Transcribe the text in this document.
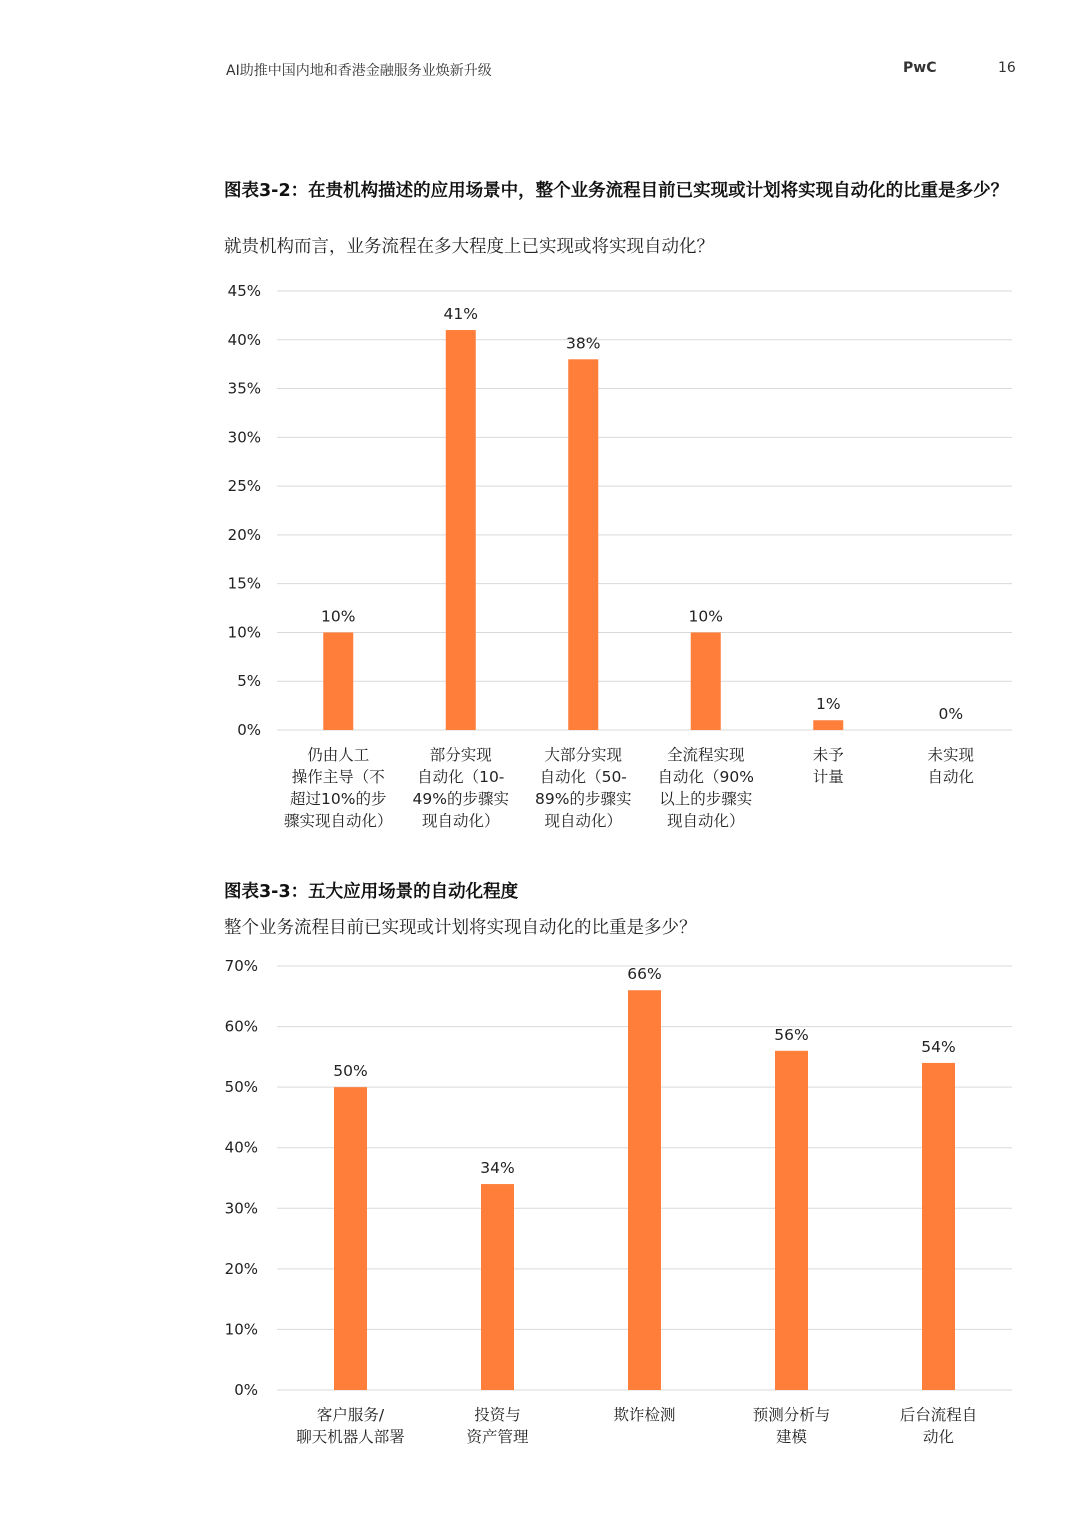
AI助推中国内地和香港金融服务业焕新升级	PwC	16
图表3-2：在贵机构描述的应用场景中，整个业务流程目前已实现或计划将实现自动化的比重是多少？
就贵机构而言，业务流程在多大程度上已实现或将实现自动化？
0%
5%
10%
15%
20%
25%
30%
35%
40%
45%
10%
41%
38%
10%
1%
0%
仍由人工操作主导（不超过10%的步骤实现自动化）
部分实现自动化（10-49%的步骤实现自动化）
大部分实现自动化（50-89%的步骤实现自动化）
全流程实现自动化（90%以上的步骤实现自动化）
未予计量
未实现自动化
图表3-3：五大应用场景的自动化程度
整个业务流程目前已实现或计划将实现自动化的比重是多少？
0%
10%
20%
30%
40%
50%
60%
70%
50%
34%
66%
56%
54%
客户服务/聊天机器人部署
投资与资产管理
欺诈检测	预测分析与建模
后台流程自动化
